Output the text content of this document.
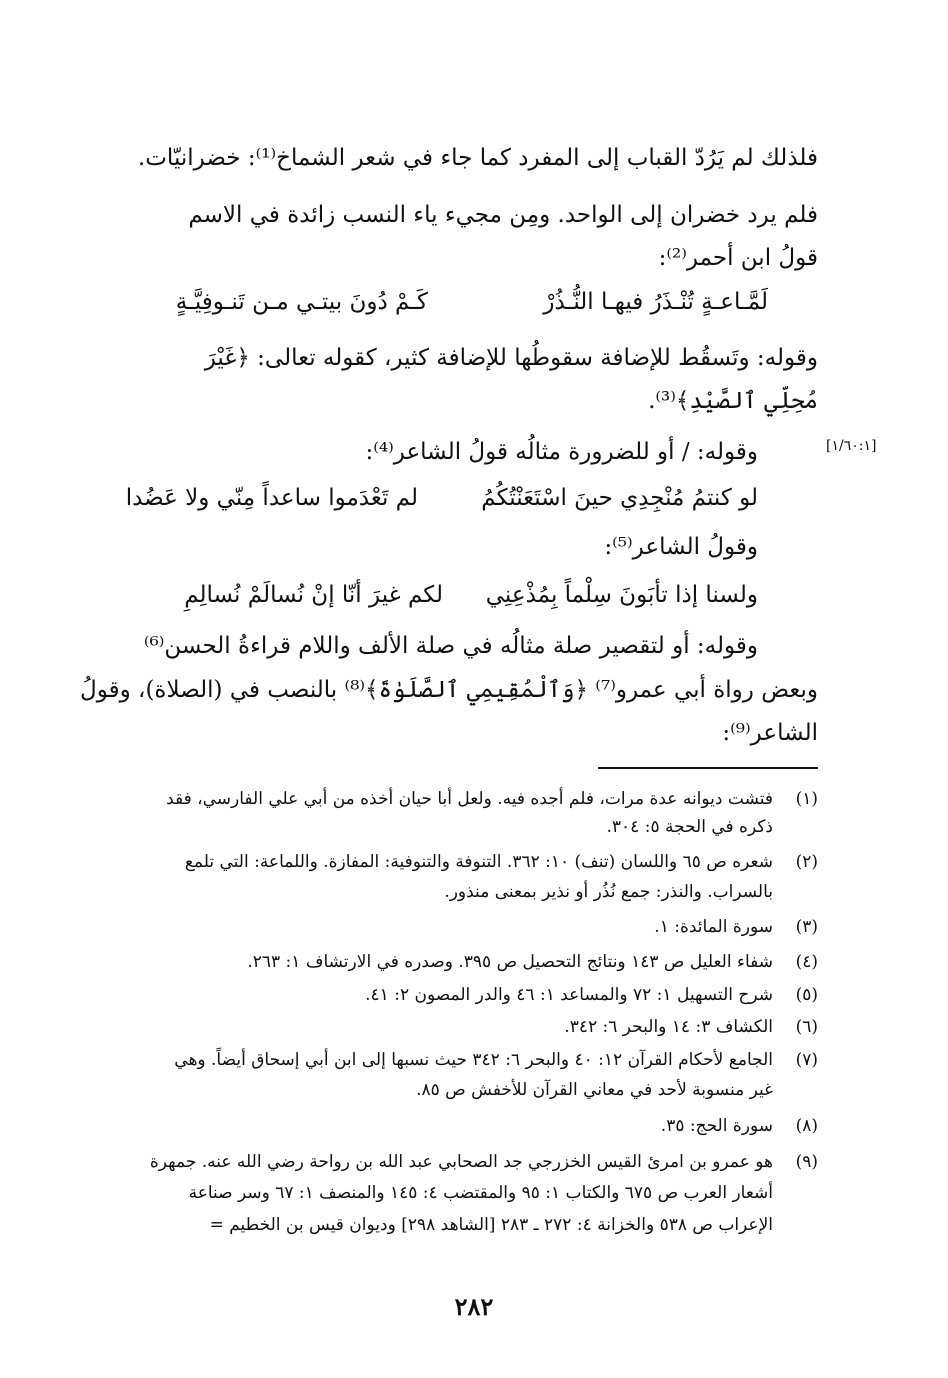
فلذلك لم يَرُدّ القباب إلى المفرد كما جاء في شعر الشماخ⁽¹⁾: خضرانيّات.
فلم يرد خضران إلى الواحد. ومِن مجيء ياء النسب زائدة في الاسم
قولُ ابن أحمر⁽²⁾:
كَـمْ دُونَ بيتـي مـن تَنـوفِيَّـةٍ	لَمَّـاعـةٍ تُنْـذَرُ فيهـا النُّـذُرْ
وقوله: وتَسقُط للإضافة سقوطُها للإضافة كثير، كقوله تعالى: ﴿غَيْرَ
مُحِلِّي ٱلصَّيْدِ﴾⁽³⁾.
[١/٦٠:١]
وقوله: / أو للضرورة مثالُه قولُ الشاعر⁽⁴⁾:
لو كنتمُ مُنْجِدِي حينَ اسْتَعَنْتُكُمُ
لم تَعْدَموا ساعداً مِنّي ولا عَضُدا
وقولُ الشاعر⁽⁵⁾:
ولسنا إذا تأبَونَ سِلْماً بِمُذْعِنِي
لكم غيرَ أنّا إنْ نُسالَمْ نُسالِمِ
وقوله: أو لتقصير صلة مثالُه في صلة الألف واللام قراءةُ الحسن⁽⁶⁾
وبعض رواة أبي عمرو⁽⁷⁾ ﴿وَٱلْمُقِيمِي ٱلصَّلَوٰةَ﴾⁽⁸⁾ بالنصب في (الصلاة)، وقولُ
الشاعر⁽⁹⁾:
(١)
فتشت ديوانه عدة مرات، فلم أجده فيه. ولعل أبا حيان أخذه من أبي علي الفارسي، فقد
ذكره في الحجة ٥: ٣٠٤.
(٢)
شعره ص ٦٥ واللسان (تنف) ١٠: ٣٦٢. التنوفة والتنوفية: المفازة. واللماعة: التي تلمع
بالسراب. والنذر: جمع نُذُر أو نذير بمعنى منذور.
(٣)
سورة المائدة: ١.
(٤)
شفاء العليل ص ١٤٣ ونتائج التحصيل ص ٣٩٥. وصدره في الارتشاف ١: ٢٦٣.
(٥)
شرح التسهيل ١: ٧٢ والمساعد ١: ٤٦ والدر المصون ٢: ٤١.
(٦)
الكشاف ٣: ١٤ والبحر ٦: ٣٤٢.
(٧)
الجامع لأحكام القرآن ١٢: ٤٠ والبحر ٦: ٣٤٢ حيث نسبها إلى ابن أبي إسحاق أيضاً. وهي
غير منسوبة لأحد في معاني القرآن للأخفش ص ٨٥.
(٨)
سورة الحج: ٣٥.
(٩)
هو عمرو بن امرئ القيس الخزرجي جد الصحابي عبد الله بن رواحة رضي الله عنه. جمهرة
أشعار العرب ص ٦٧٥ والكتاب ١: ٩٥ والمقتضب ٤: ١٤٥ والمنصف ١: ٦٧ وسر صناعة
الإعراب ص ٥٣٨ والخزانة ٤: ٢٧٢ ـ ٢٨٣ [الشاهد ٢٩٨] وديوان قيس بن الخطيم =
٢٨٢
